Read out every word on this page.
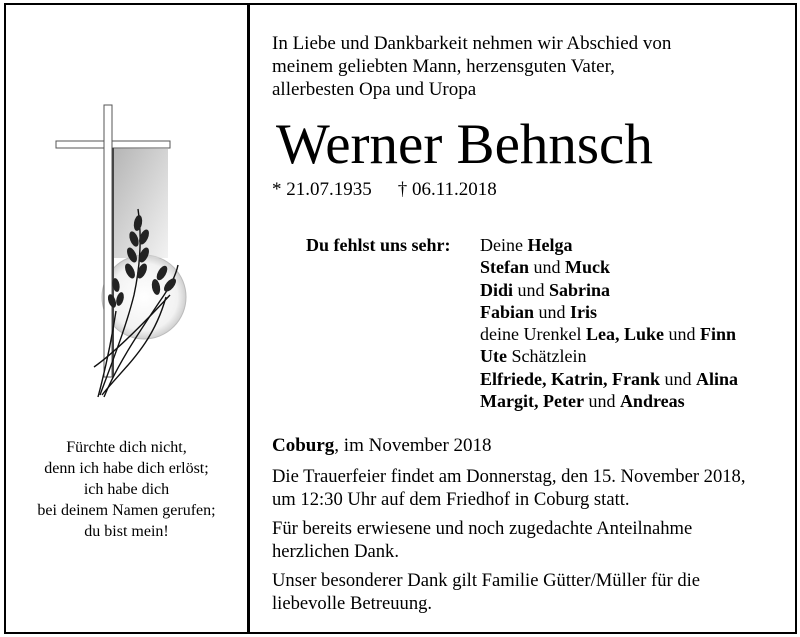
Fürchte dich nicht,
denn ich habe dich erlöst;
ich habe dich
bei deinem Namen gerufen;
du bist mein!
In Liebe und Dankbarkeit nehmen wir Abschied von
meinem geliebten Mann, herzensguten Vater,
allerbesten Opa und Uropa
Werner Behnsch
* 21.07.1935 † 06.11.2018
Du fehlst uns sehr: Deine Helga
Stefan und Muck
Didi und Sabrina
Fabian und Iris
deine Urenkel Lea, Luke und Finn
Ute Schätzlein
Elfriede, Katrin, Frank und Alina
Margit, Peter und Andreas
Coburg, im November 2018
Die Trauerfeier findet am Donnerstag, den 15. November 2018,
um 12:30 Uhr auf dem Friedhof in Coburg statt.
Für bereits erwiesene und noch zugedachte Anteilnahme
herzlichen Dank.
Unser besonderer Dank gilt Familie Gütter/Müller für die
liebevolle Betreuung.
